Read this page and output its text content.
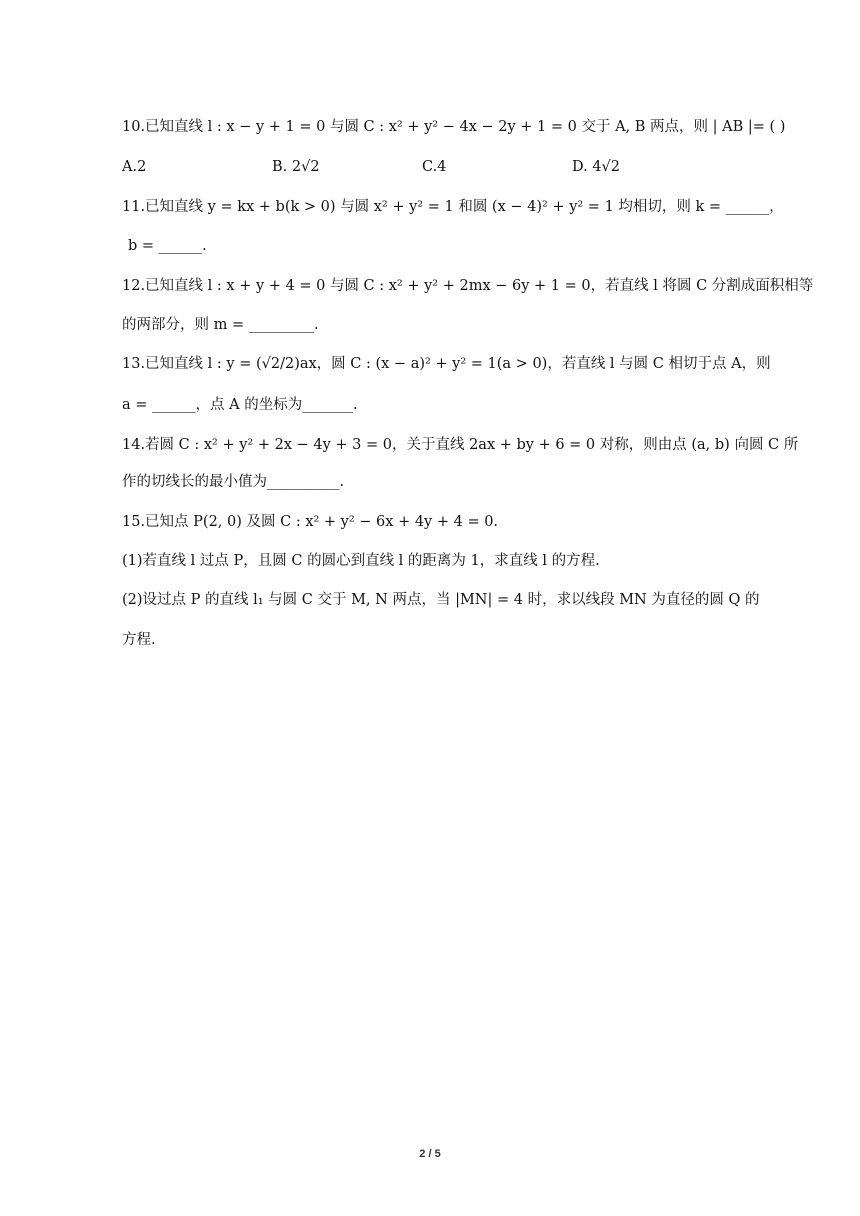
10.已知直线 l : x − y + 1 = 0 与圆 C : x² + y² − 4x − 2y + 1 = 0 交于 A, B 两点，则 | AB |= ( )
A.2	B. 2√2	C.4	D. 4√2
11.已知直线 y = kx + b(k > 0) 与圆 x² + y² = 1 和圆 (x − 4)² + y² = 1 均相切，则 k = ______，
b = ______.
12.已知直线 l : x + y + 4 = 0 与圆 C : x² + y² + 2mx − 6y + 1 = 0，若直线 l 将圆 C 分割成面积相等
的两部分，则 m = _________.
13.已知直线 l : y = (√2/2)ax，圆 C : (x − a)² + y² = 1(a > 0)，若直线 l 与圆 C 相切于点 A，则
a = ______，点 A 的坐标为_______.
14.若圆 C : x² + y² + 2x − 4y + 3 = 0，关于直线 2ax + by + 6 = 0 对称，则由点 (a, b) 向圆 C 所
作的切线长的最小值为__________.
15.已知点 P(2, 0) 及圆 C : x² + y² − 6x + 4y + 4 = 0.
(1)若直线 l 过点 P，且圆 C 的圆心到直线 l 的距离为 1，求直线 l 的方程.
(2)设过点 P 的直线 l₁ 与圆 C 交于 M, N 两点，当 |MN| = 4 时，求以线段 MN 为直径的圆 Q 的
方程.
2 / 5
